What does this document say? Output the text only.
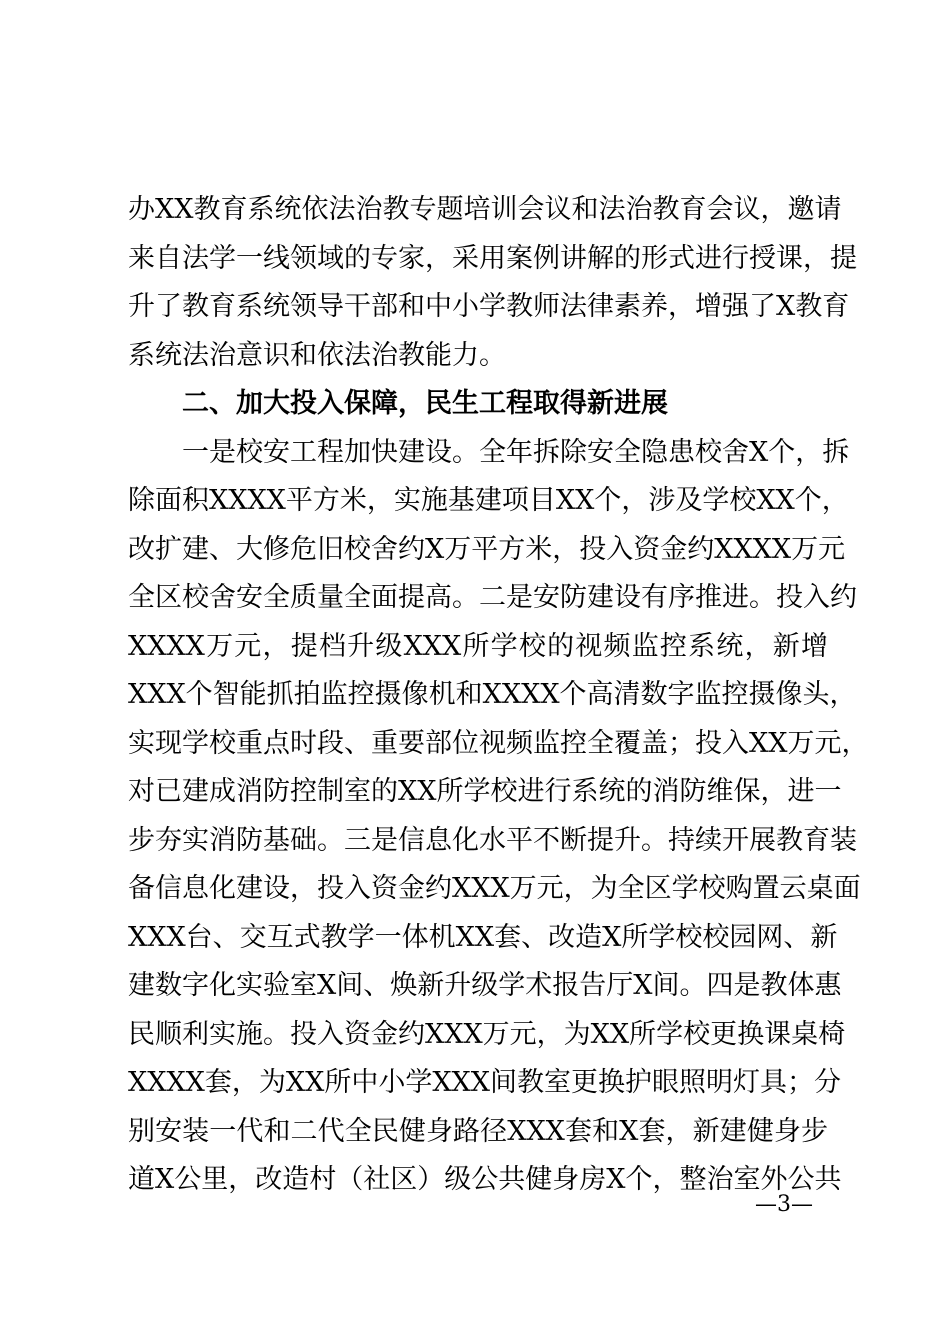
办XX教育系统依法治教专题培训会议和法治教育会议，邀请
来自法学一线领域的专家，采用案例讲解的形式进行授课，提
升了教育系统领导干部和中小学教师法律素养，增强了X教育
系统法治意识和依法治教能力。
二、加大投入保障，民生工程取得新进展
一是校安工程加快建设。全年拆除安全隐患校舍X个，拆
除面积XXXX平方米，实施基建项目XX个，涉及学校XX个，
改扩建、大修危旧校舍约X万平方米，投入资金约XXXX万元
全区校舍安全质量全面提高。二是安防建设有序推进。投入约
XXXX万元，提档升级XXX所学校的视频监控系统，新增
XXX个智能抓拍监控摄像机和XXXX个高清数字监控摄像头，
实现学校重点时段、重要部位视频监控全覆盖；投入XX万元，
对已建成消防控制室的XX所学校进行系统的消防维保，进一
步夯实消防基础。三是信息化水平不断提升。持续开展教育装
备信息化建设，投入资金约XXX万元，为全区学校购置云桌面
XXX台、交互式教学一体机XX套、改造X所学校校园网、新
建数字化实验室X间、焕新升级学术报告厅X间。四是教体惠
民顺利实施。投入资金约XXX万元，为XX所学校更换课桌椅
XXXX套，为XX所中小学XXX间教室更换护眼照明灯具；分
别安装一代和二代全民健身路径XXX套和X套，新建健身步
道X公里，改造村（社区）级公共健身房X个，整治室外公共
—3—
